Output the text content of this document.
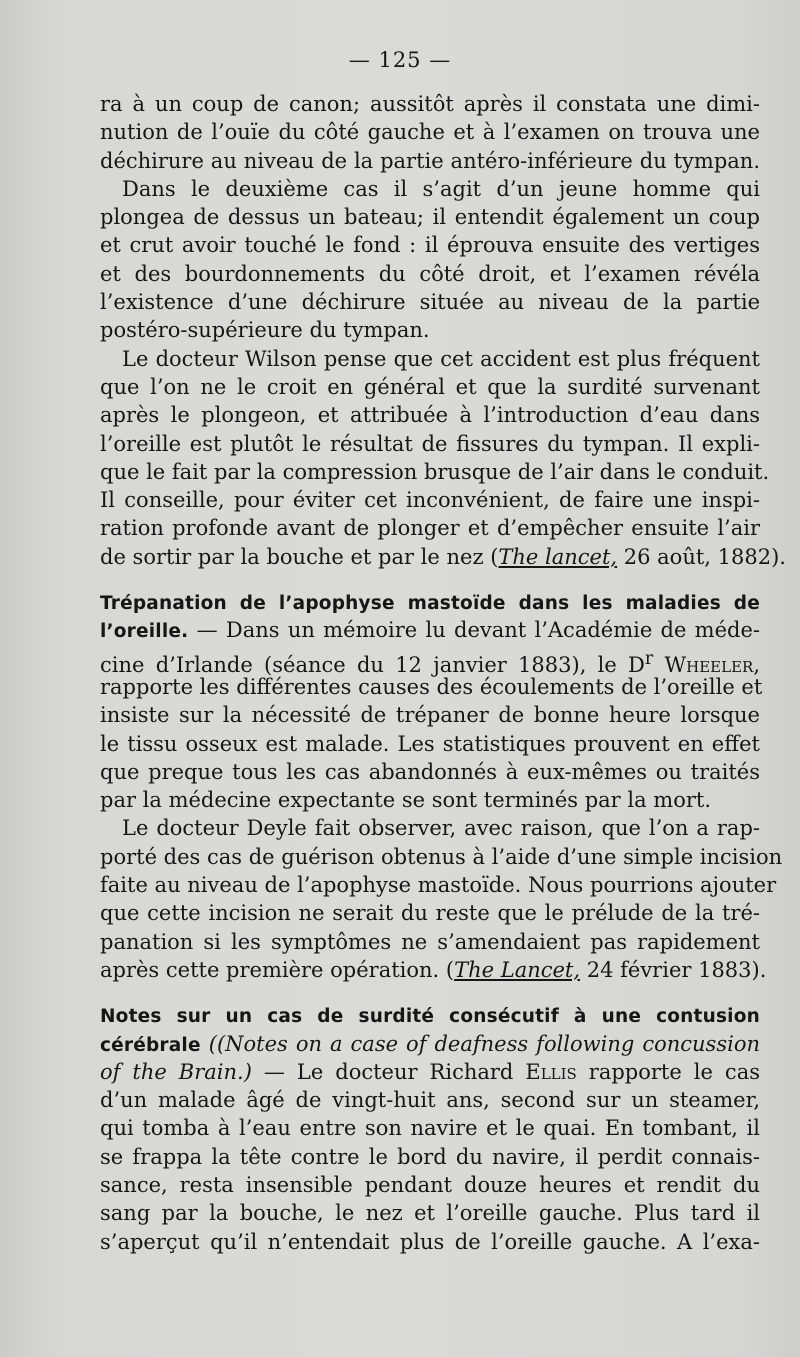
— 125 —
ra à un coup de canon; aussitôt après il constata une dimi-
nution de l’ouïe du côté gauche et à l’examen on trouva une
déchirure au niveau de la partie antéro-inférieure du tympan.
Dans le deuxième cas il s’agit d’un jeune homme qui
plongea de dessus un bateau; il entendit également un coup
et crut avoir touché le fond : il éprouva ensuite des vertiges
et des bourdonnements du côté droit, et l’examen révéla
l’existence d’une déchirure située au niveau de la partie
postéro-supérieure du tympan.
Le docteur Wilson pense que cet accident est plus fréquent
que l’on ne le croit en général et que la surdité survenant
après le plongeon, et attribuée à l’introduction d’eau dans
l’oreille est plutôt le résultat de fissures du tympan. Il expli-
que le fait par la compression brusque de l’air dans le conduit.
Il conseille, pour éviter cet inconvénient, de faire une inspi-
ration profonde avant de plonger et d’empêcher ensuite l’air
de sortir par la bouche et par le nez (The lancet, 26 août, 1882).
Trépanation de l’apophyse mastoïde dans les maladies de
l’oreille. — Dans un mémoire lu devant l’Académie de méde-
cine d’Irlande (séance du 12 janvier 1883), le $D^r$ Wheeler,
rapporte les différentes causes des écoulements de l’oreille et
insiste sur la nécessité de trépaner de bonne heure lorsque
le tissu osseux est malade. Les statistiques prouvent en effet
que preque tous les cas abandonnés à eux-mêmes ou traités
par la médecine expectante se sont terminés par la mort.
Le docteur Deyle fait observer, avec raison, que l’on a rap-
porté des cas de guérison obtenus à l’aide d’une simple incision
faite au niveau de l’apophyse mastoïde. Nous pourrions ajouter
que cette incision ne serait du reste que le prélude de la tré-
panation si les symptômes ne s’amendaient pas rapidement
après cette première opération. (The Lancet, 24 février 1883).
Notes sur un cas de surdité consécutif à une contusion
cérébrale ((Notes on a case of deafness following concussion
of the Brain.) — Le docteur Richard Ellis rapporte le cas
d’un malade âgé de vingt-huit ans, second sur un steamer,
qui tomba à l’eau entre son navire et le quai. En tombant, il
se frappa la tête contre le bord du navire, il perdit connais-
sance, resta insensible pendant douze heures et rendit du
sang par la bouche, le nez et l’oreille gauche. Plus tard il
s’aperçut qu’il n’entendait plus de l’oreille gauche. A l’exa-
